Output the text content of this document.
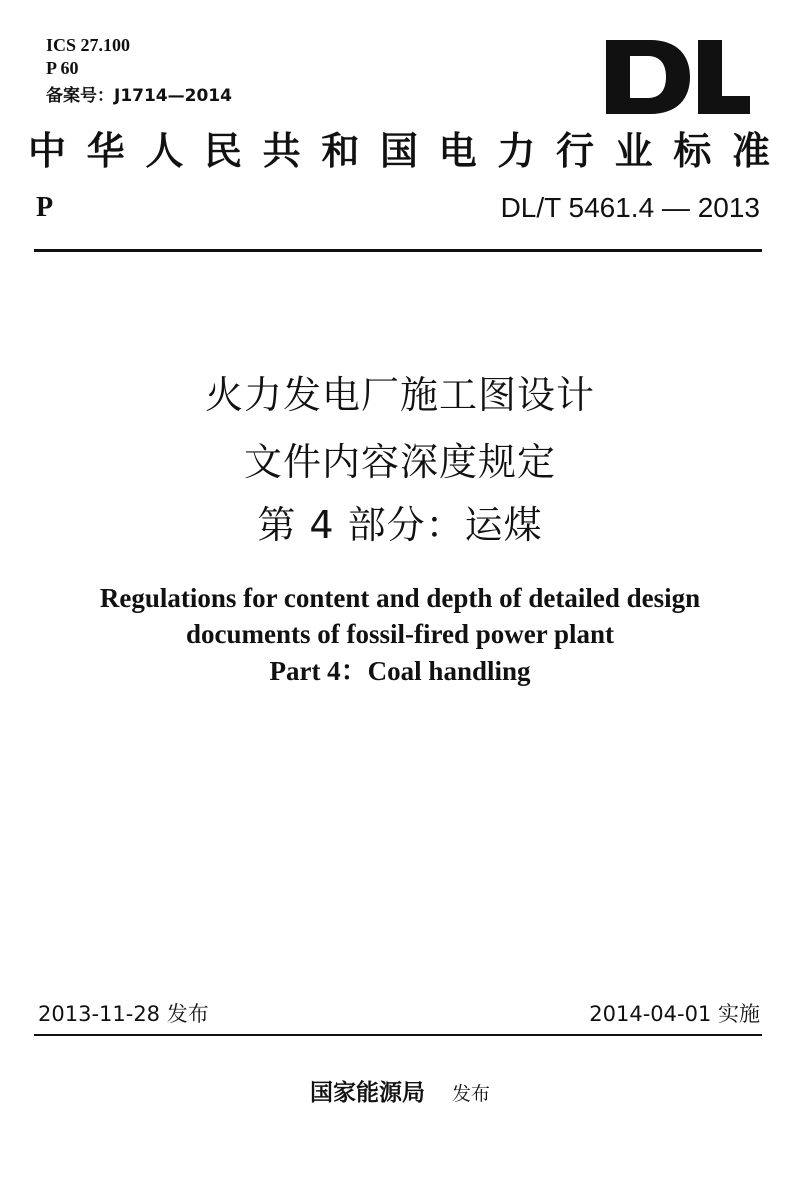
ICS 27.100
P 60
备案号：J1714—2014
中华人民共和国电力行业标准
P	DL/T 5461.4 — 2013
火力发电厂施工图设计
文件内容深度规定
第 4 部分：运煤
Regulations for content and depth of detailed design
documents of fossil-fired power plant
Part 4：Coal handling
2013-11-28 发布	2014-04-01 实施
国家能源局 发布
